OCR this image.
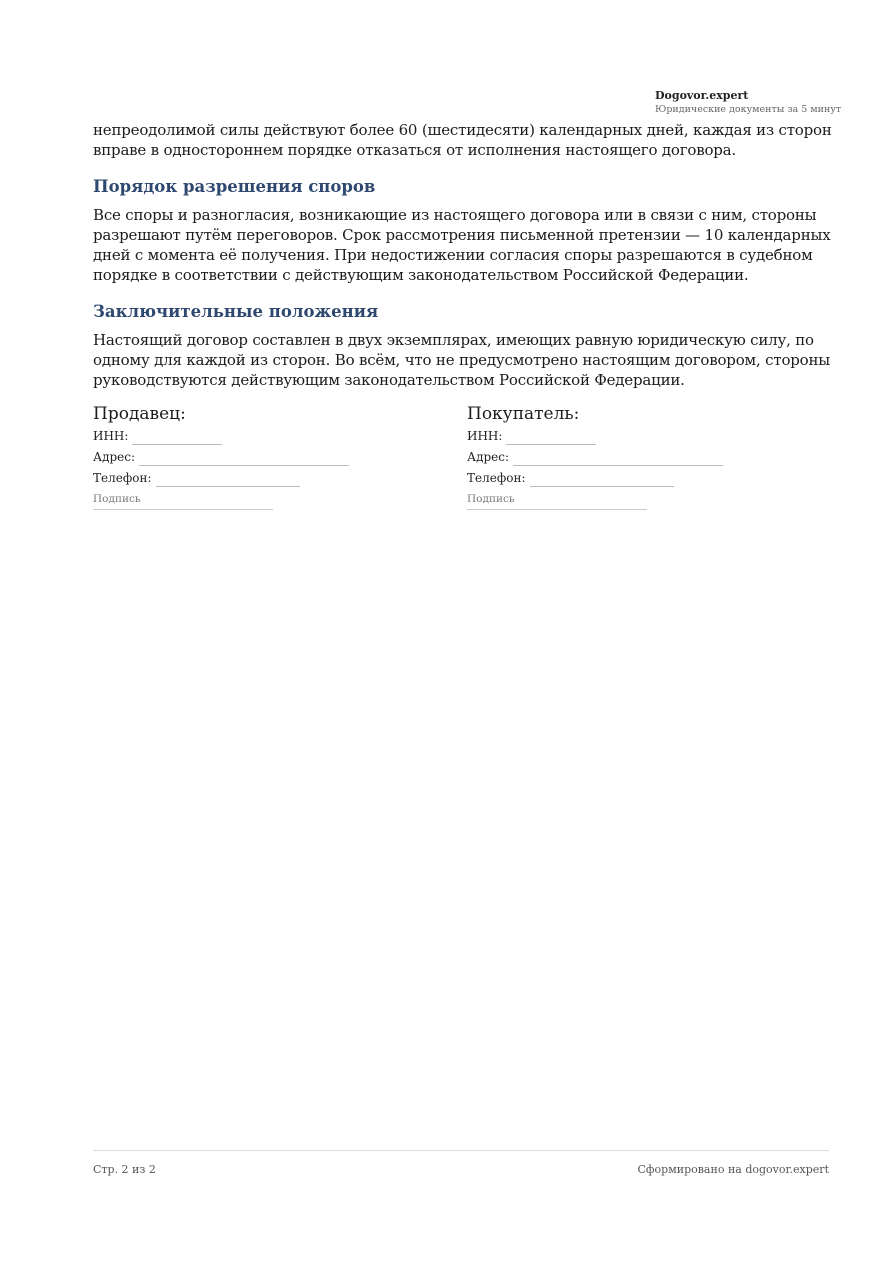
Dogovor.expert
Юридические документы за 5 минут

непреодолимой силы действуют более 60 (шестидесяти) календарных дней, каждая из сторон вправе в одностороннем порядке отказаться от исполнения настоящего договора.

Порядок разрешения споров

Все споры и разногласия, возникающие из настоящего договора или в связи с ним, стороны разрешают путём переговоров. Срок рассмотрения письменной претензии — 10 календарных дней с момента её получения. При недостижении согласия споры разрешаются в судебном порядке в соответствии с действующим законодательством Российской Федерации.

Заключительные положения

Настоящий договор составлен в двух экземплярах, имеющих равную юридическую силу, по одному для каждой из сторон. Во всём, что не предусмотрено настоящим договором, стороны руководствуются действующим законодательством Российской Федерации.

Продавец:
ИНН:
Адрес:
Телефон:
Подпись
Покупатель:
ИНН:
Адрес:
Телефон:
Подпись
Стр. 2 из 2	Сформировано на dogovor.expert
